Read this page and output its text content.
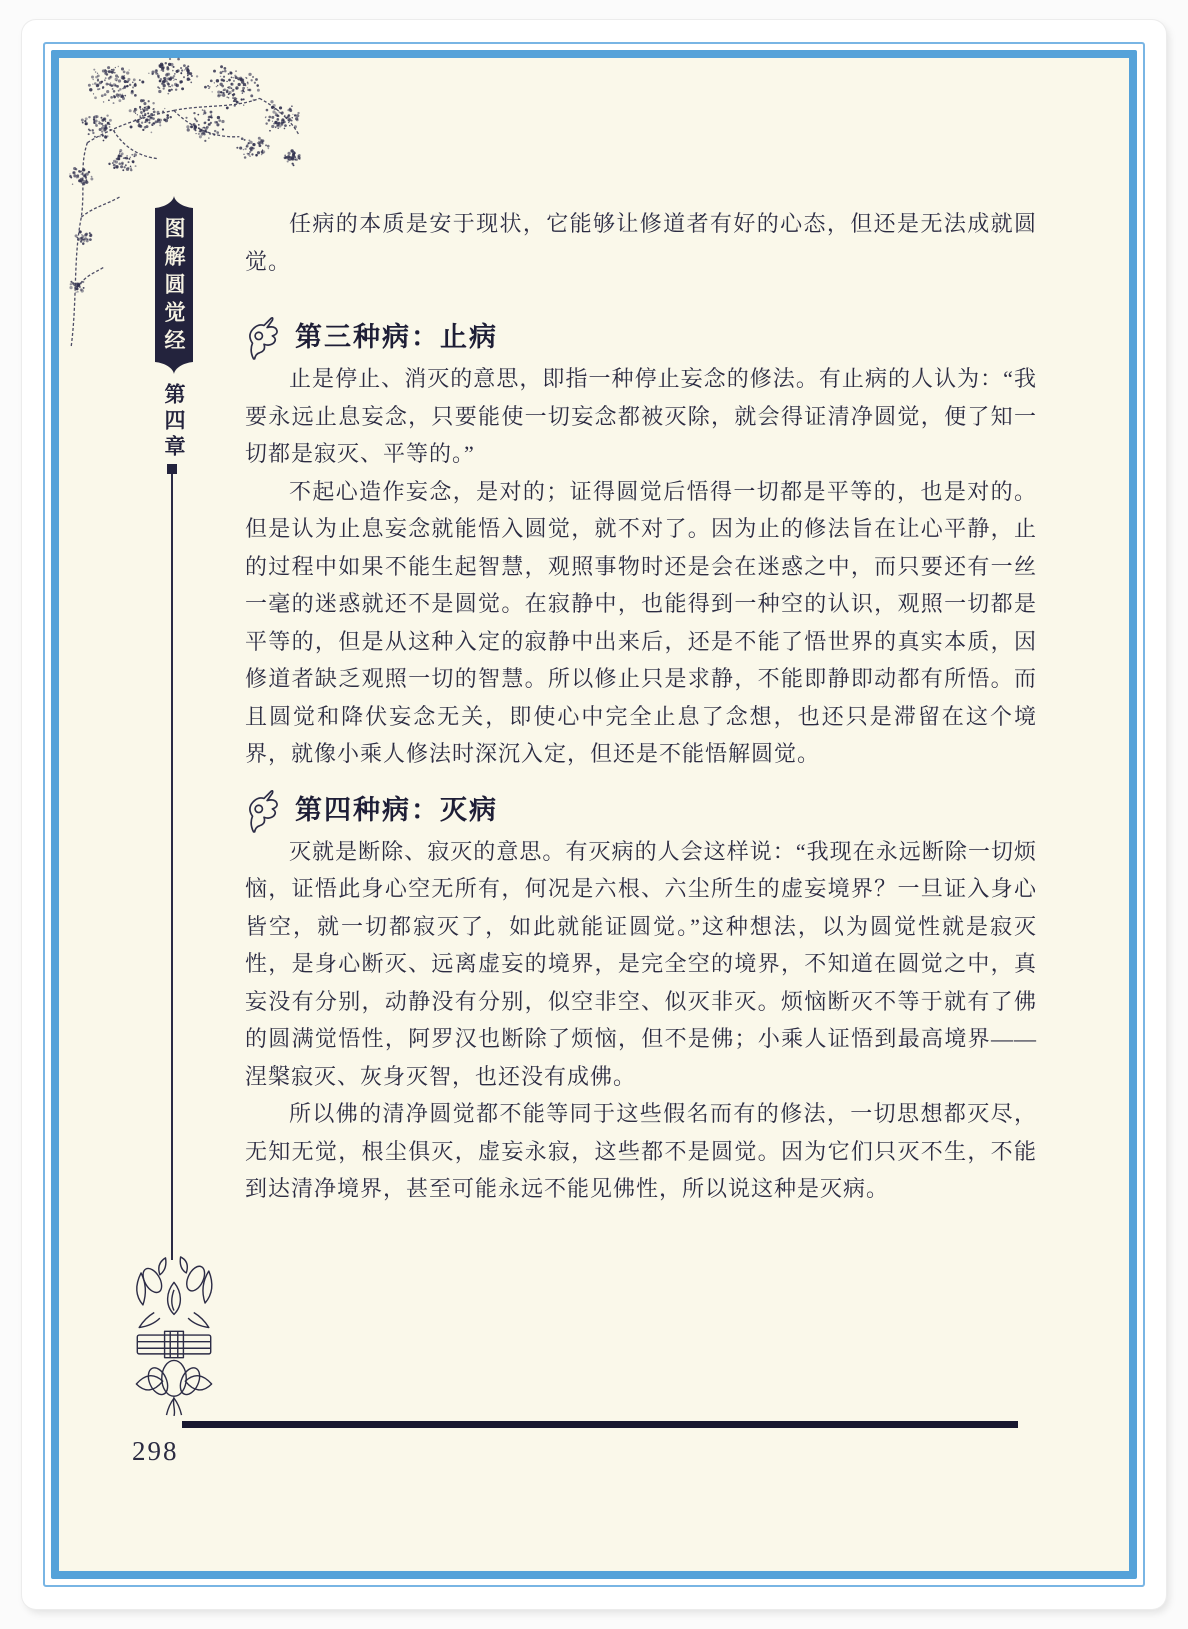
图解圆觉经
第四章

任病的本质是安于现状，它能够让修道者有好的心态，但还是无法成就圆觉。

第三种病：止病

止是停止、消灭的意思，即指一种停止妄念的修法。有止病的人认为：“我要永远止息妄念，只要能使一切妄念都被灭除，就会得证清净圆觉，便了知一切都是寂灭、平等的。”

不起心造作妄念，是对的；证得圆觉后悟得一切都是平等的，也是对的。但是认为止息妄念就能悟入圆觉，就不对了。因为止的修法旨在让心平静，止的过程中如果不能生起智慧，观照事物时还是会在迷惑之中，而只要还有一丝一毫的迷惑就还不是圆觉。在寂静中，也能得到一种空的认识，观照一切都是平等的，但是从这种入定的寂静中出来后，还是不能了悟世界的真实本质，因修道者缺乏观照一切的智慧。所以修止只是求静，不能即静即动都有所悟。而且圆觉和降伏妄念无关，即使心中完全止息了念想，也还只是滞留在这个境界，就像小乘人修法时深沉入定，但还是不能悟解圆觉。

第四种病：灭病

灭就是断除、寂灭的意思。有灭病的人会这样说：“我现在永远断除一切烦恼，证悟此身心空无所有，何况是六根、六尘所生的虚妄境界？一旦证入身心皆空，就一切都寂灭了，如此就能证圆觉。”这种想法，以为圆觉性就是寂灭性，是身心断灭、远离虚妄的境界，是完全空的境界，不知道在圆觉之中，真妄没有分别，动静没有分别，似空非空、似灭非灭。烦恼断灭不等于就有了佛的圆满觉悟性，阿罗汉也断除了烦恼，但不是佛；小乘人证悟到最高境界——涅槃寂灭、灰身灭智，也还没有成佛。

所以佛的清净圆觉都不能等同于这些假名而有的修法，一切思想都灭尽，无知无觉，根尘俱灭，虚妄永寂，这些都不是圆觉。因为它们只灭不生，不能到达清净境界，甚至可能永远不能见佛性，所以说这种是灭病。

298
